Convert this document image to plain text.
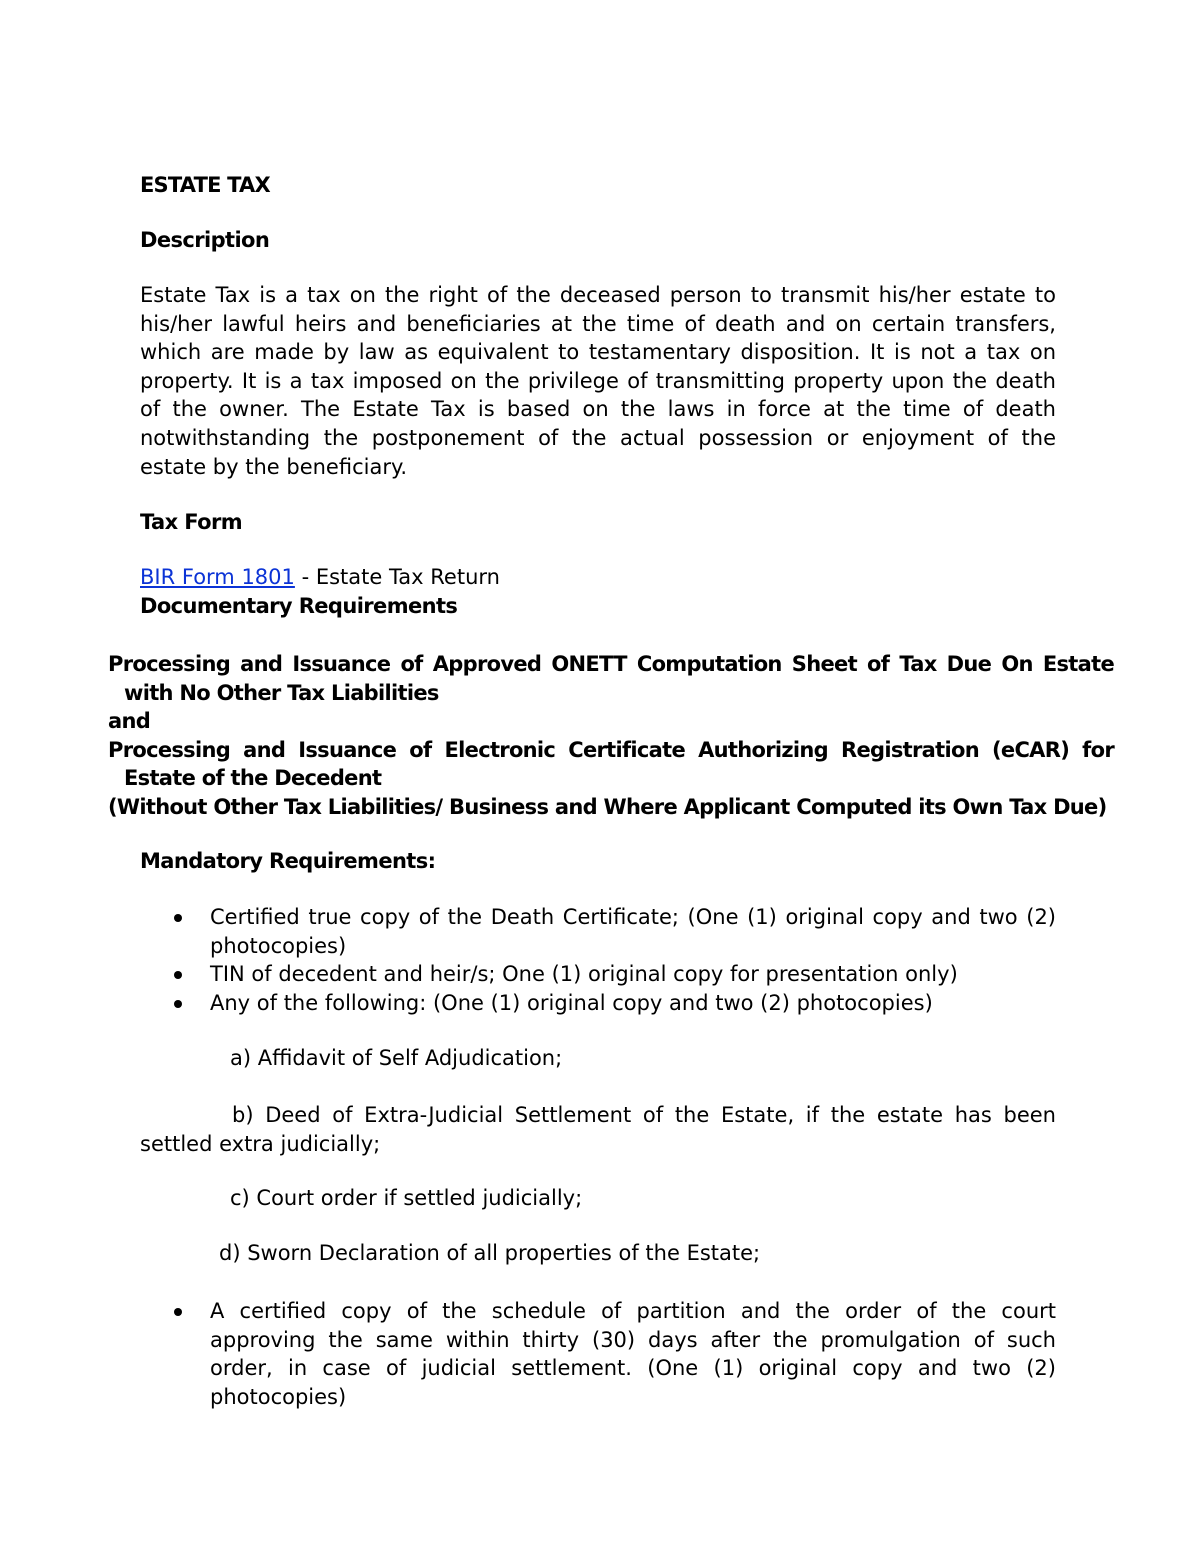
ESTATE TAX
Description
Estate Tax is a tax on the right of the deceased person to transmit his/her estate to his/her lawful heirs and beneficiaries at the time of death and on certain transfers, which are made by law as equivalent to testamentary disposition. It is not a tax on property. It is a tax imposed on the privilege of transmitting property upon the death of the owner. The Estate Tax is based on the laws in force at the time of death notwithstanding the postponement of the actual possession or enjoyment of the estate by the beneficiary.
Tax Form
BIR Form 1801 - Estate Tax Return
Documentary Requirements
Processing and Issuance of Approved ONETT Computation Sheet of Tax Due On Estate with No Other Tax Liabilities
and
Processing and Issuance of Electronic Certificate Authorizing Registration (eCAR) for Estate of the Decedent
(Without Other Tax Liabilities/ Business and Where Applicant Computed its Own Tax Due)
Mandatory Requirements:
Certified true copy of the Death Certificate; (One (1) original copy and two (2) photocopies)
TIN of decedent and heir/s; One (1) original copy for presentation only)
Any of the following: (One (1) original copy and two (2) photocopies)
a) Affidavit of Self Adjudication;
b) Deed of Extra-Judicial Settlement of the Estate, if the estate has been settled extra judicially;
c) Court order if settled judicially;
d) Sworn Declaration of all properties of the Estate;
A certified copy of the schedule of partition and the order of the court approving the same within thirty (30) days after the promulgation of such order, in case of judicial settlement. (One (1) original copy and two (2) photocopies)
